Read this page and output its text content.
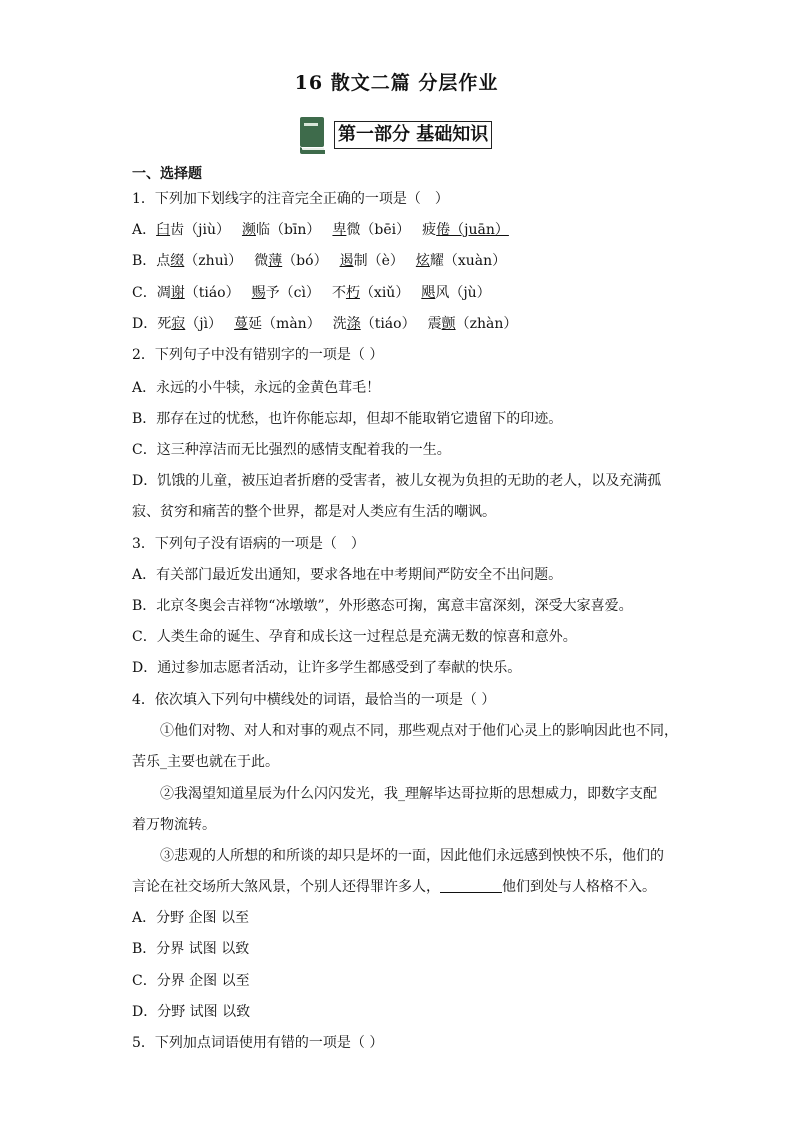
16 散文二篇 分层作业
第一部分 基础知识
一、选择题
1．下列加下划线字的注音完全正确的一项是（　）
A．臼齿（jiù） 濒临（bīn） 卑微（bēi） 疲倦（juān）
B．点缀（zhuì） 微薄（bó） 遏制（è） 炫耀（xuàn）
C．凋谢（tiáo） 赐予（cì） 不朽（xiǔ） 飓风（jù）
D．死寂（jì） 蔓延（màn） 洗涤（tiáo） 震颤（zhàn）
2．下列句子中没有错别字的一项是（ ）
A．永远的小牛犊，永远的金黄色茸毛！
B．那存在过的忧愁，也许你能忘却，但却不能取销它遗留下的印迹。
C．这三种淳洁而无比强烈的感情支配着我的一生。
D．饥饿的儿童，被压迫者折磨的受害者，被儿女视为负担的无助的老人，以及充满孤
寂、贫穷和痛苦的整个世界，都是对人类应有生活的嘲讽。
3．下列句子没有语病的一项是（　）
A．有关部门最近发出通知，要求各地在中考期间严防安全不出问题。
B．北京冬奥会吉祥物“冰墩墩”，外形憨态可掬，寓意丰富深刻，深受大家喜爱。
C．人类生命的诞生、孕育和成长这一过程总是充满无数的惊喜和意外。
D．通过参加志愿者活动，让许多学生都感受到了奉献的快乐。
4．依次填入下列句中横线处的词语，最恰当的一项是（ ）
①他们对物、对人和对事的观点不同，那些观点对于他们心灵上的影响因此也不同，
苦乐_主要也就在于此。
②我渴望知道星辰为什么闪闪发光，我_理解毕达哥拉斯的思想威力，即数字支配
着万物流转。
③悲观的人所想的和所谈的却只是坏的一面，因此他们永远感到怏怏不乐，他们的
言论在社交场所大煞风景，个别人还得罪许多人，	他们到处与人格格不入。
A．分野 企图 以至
B．分界 试图 以致
C．分界 企图 以至
D．分野 试图 以致
5．下列加点词语使用有错的一项是（ ）
